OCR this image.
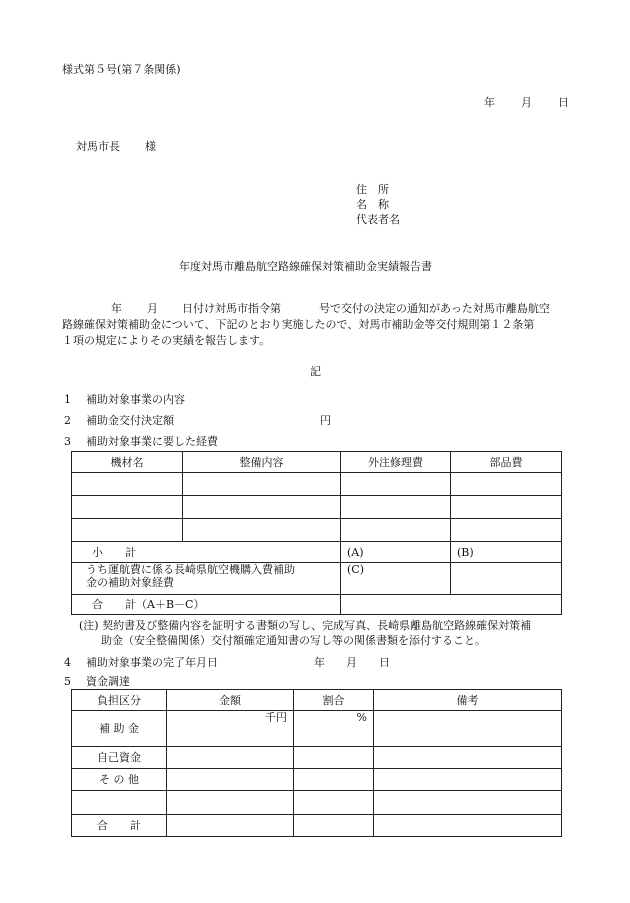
様式第５号(第７条関係)
年 月 日
対馬市長 様
住　所
名　称
代表者名
年度対馬市離島航空路線確保対策補助金実績報告書
年 月 日付け対馬市指令第	号で交付の決定の通知があった対馬市離島航空
路線確保対策補助金について、下記のとおり実施したので、対馬市補助金等交付規則第１２条第
１項の規定によりその実績を報告します。
記
1 補助対象事業の内容
2 補助金交付決定額	円
3 補助対象事業に要した経費
機材名	整備内容	外注修理費	部品費

小　　計		(A)	(B)

うち運航費に係る長崎県航空機購入費補助
金の補助対象経費		(C)	
合　　計（A＋B－C）			
(注) 契約書及び整備内容を証明する書類の写し、完成写真、長崎県離島航空路線確保対策補
助金（安全整備関係）交付額確定通知書の写し等の関係書類を添付すること。
4 補助対象事業の完了年月日	年 月 日
5 資金調達
負担区分	金額	割合	備考
補 助 金	千円	%	
自己資金			
そ の 他			

合　　計			
